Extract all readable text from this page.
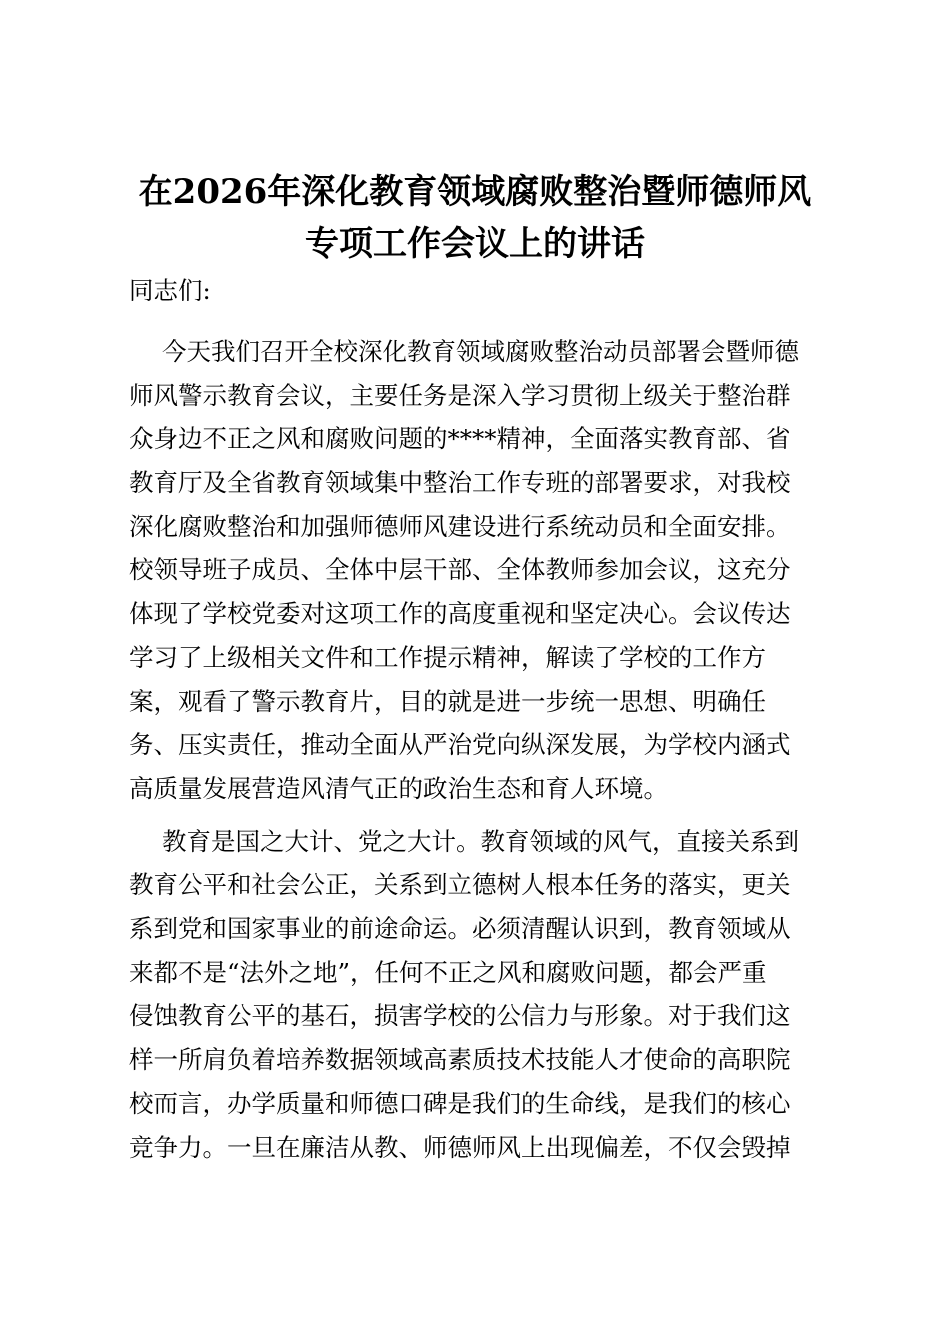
在2026年深化教育领域腐败整治暨师德师风
专项工作会议上的讲话

同志们:

今天我们召开全校深化教育领域腐败整治动员部署会暨师德

师风警示教育会议，主要任务是深入学习贯彻上级关于整治群

众身边不正之风和腐败问题的****精神，全面落实教育部、省

教育厅及全省教育领域集中整治工作专班的部署要求，对我校

深化腐败整治和加强师德师风建设进行系统动员和全面安排。

校领导班子成员、全体中层干部、全体教师参加会议，这充分

体现了学校党委对这项工作的高度重视和坚定决心。会议传达

学习了上级相关文件和工作提示精神，解读了学校的工作方

案，观看了警示教育片，目的就是进一步统一思想、明确任

务、压实责任，推动全面从严治党向纵深发展，为学校内涵式

高质量发展营造风清气正的政治生态和育人环境。

教育是国之大计、党之大计。教育领域的风气，直接关系到

教育公平和社会公正，关系到立德树人根本任务的落实，更关

系到党和国家事业的前途命运。必须清醒认识到，教育领域从

来都不是“法外之地”，任何不正之风和腐败问题，都会严重

侵蚀教育公平的基石，损害学校的公信力与形象。对于我们这

样一所肩负着培养数据领域高素质技术技能人才使命的高职院

校而言，办学质量和师德口碑是我们的生命线，是我们的核心

竞争力。一旦在廉洁从教、师德师风上出现偏差，不仅会毁掉
